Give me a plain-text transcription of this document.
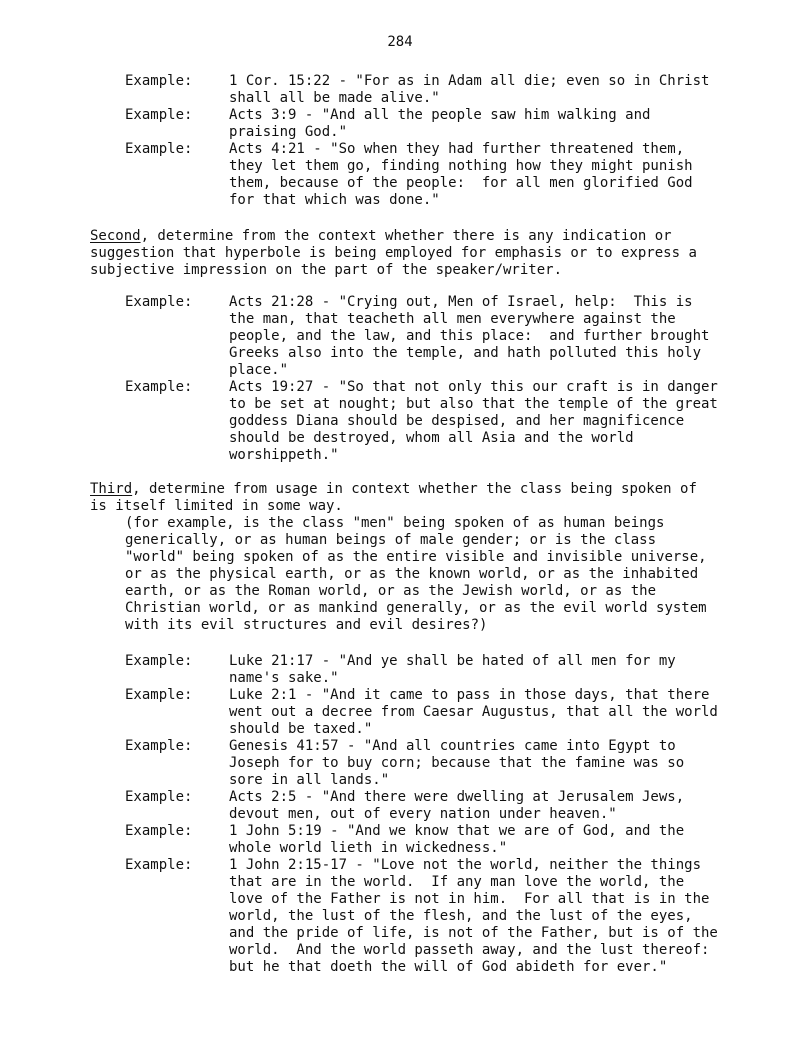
284
Example:	1 Cor. 15:22 - "For as in Adam all die; even so in Christ
shall all be made alive."
Example:	Acts 3:9 - "And all the people saw him walking and
praising God."
Example:	Acts 4:21 - "So when they had further threatened them,
they let them go, finding nothing how they might punish
them, because of the people:  for all men glorified God
for that which was done."
Second, determine from the context whether there is any indication or
suggestion that hyperbole is being employed for emphasis or to express a
subjective impression on the part of the speaker/writer.
Example:	Acts 21:28 - "Crying out, Men of Israel, help:  This is
the man, that teacheth all men everywhere against the
people, and the law, and this place:  and further brought
Greeks also into the temple, and hath polluted this holy
place."
Example:	Acts 19:27 - "So that not only this our craft is in danger
to be set at nought; but also that the temple of the great
goddess Diana should be despised, and her magnificence
should be destroyed, whom all Asia and the world
worshippeth."
Third, determine from usage in context whether the class being spoken of
is itself limited in some way.
(for example, is the class "men" being spoken of as human beings
generically, or as human beings of male gender; or is the class
"world" being spoken of as the entire visible and invisible universe,
or as the physical earth, or as the known world, or as the inhabited
earth, or as the Roman world, or as the Jewish world, or as the
Christian world, or as mankind generally, or as the evil world system
with its evil structures and evil desires?)
Example:	Luke 21:17 - "And ye shall be hated of all men for my
name's sake."
Example:	Luke 2:1 - "And it came to pass in those days, that there
went out a decree from Caesar Augustus, that all the world
should be taxed."
Example:	Genesis 41:57 - "And all countries came into Egypt to
Joseph for to buy corn; because that the famine was so
sore in all lands."
Example:	Acts 2:5 - "And there were dwelling at Jerusalem Jews,
devout men, out of every nation under heaven."
Example:	1 John 5:19 - "And we know that we are of God, and the
whole world lieth in wickedness."
Example:	1 John 2:15-17 - "Love not the world, neither the things
that are in the world.  If any man love the world, the
love of the Father is not in him.  For all that is in the
world, the lust of the flesh, and the lust of the eyes,
and the pride of life, is not of the Father, but is of the
world.  And the world passeth away, and the lust thereof:
but he that doeth the will of God abideth for ever."
